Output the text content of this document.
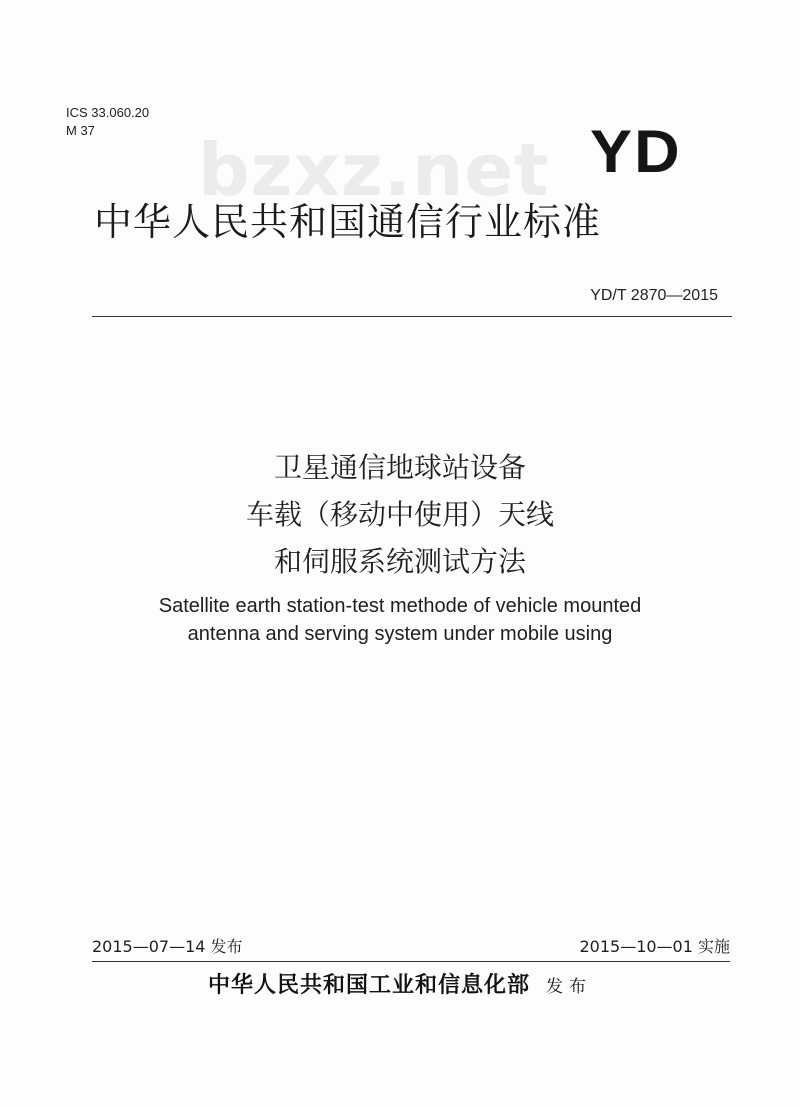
ICS 33.060.20
M 37	bzxz.net YD
中华人民共和国通信行业标准
YD/T 2870—2015
卫星通信地球站设备
车载（移动中使用）天线
和伺服系统测试方法
Satellite earth station-test methode of vehicle mounted
antenna and serving system under mobile using
2015—07—14 发布	2015—10—01 实施
中华人民共和国工业和信息化部 发布
